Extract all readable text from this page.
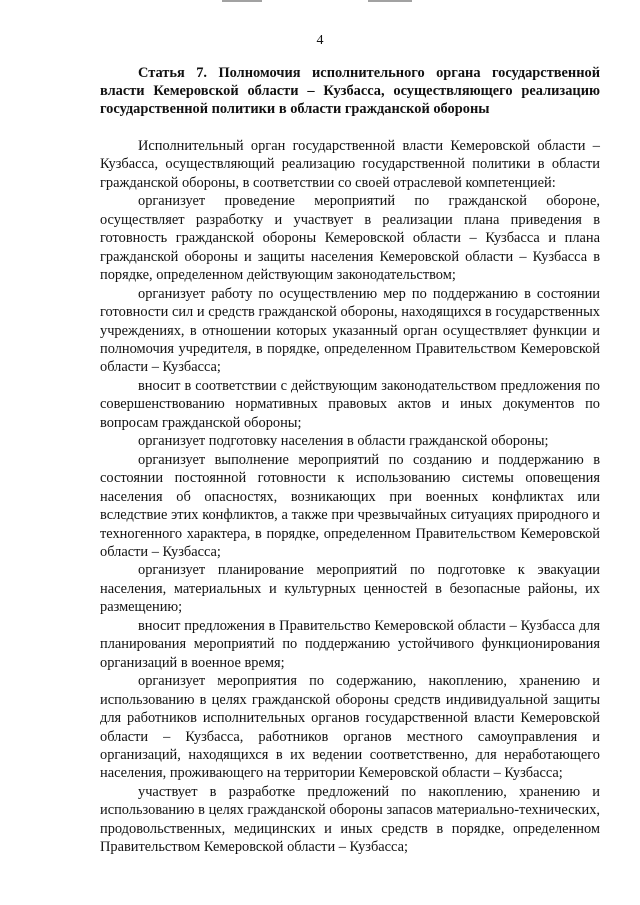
4
Статья 7. Полномочия исполнительного органа государственной власти Кемеровской области – Кузбасса, осуществляющего реализацию государственной политики в области гражданской обороны

Исполнительный орган государственной власти Кемеровской области – Кузбасса, осуществляющий реализацию государственной политики в области гражданской обороны, в соответствии со своей отраслевой компетенцией:

организует проведение мероприятий по гражданской обороне, осуществляет разработку и участвует в реализации плана приведения в готовность гражданской обороны Кемеровской области – Кузбасса и плана гражданской обороны и защиты населения Кемеровской области – Кузбасса в порядке, определенном действующим законодательством;

организует работу по осуществлению мер по поддержанию в состоянии готовности сил и средств гражданской обороны, находящихся в государственных учреждениях, в отношении которых указанный орган осуществляет функции и полномочия учредителя, в порядке, определенном Правительством Кемеровской области – Кузбасса;

вносит в соответствии с действующим законодательством предложения по совершенствованию нормативных правовых актов и иных документов по вопросам гражданской обороны;

организует подготовку населения в области гражданской обороны;

организует выполнение мероприятий по созданию и поддержанию в состоянии постоянной готовности к использованию системы оповещения населения об опасностях, возникающих при военных конфликтах или вследствие этих конфликтов, а также при чрезвычайных ситуациях природного и техногенного характера, в порядке, определенном Правительством Кемеровской области – Кузбасса;

организует планирование мероприятий по подготовке к эвакуации населения, материальных и культурных ценностей в безопасные районы, их размещению;

вносит предложения в Правительство Кемеровской области – Кузбасса для планирования мероприятий по поддержанию устойчивого функционирования организаций в военное время;

организует мероприятия по содержанию, накоплению, хранению и использованию в целях гражданской обороны средств индивидуальной защиты для работников исполнительных органов государственной власти Кемеровской области – Кузбасса, работников органов местного самоуправления и организаций, находящихся в их ведении соответственно, для неработающего населения, проживающего на территории Кемеровской области – Кузбасса;

участвует в разработке предложений по накоплению, хранению и использованию в целях гражданской обороны запасов материально-технических, продовольственных, медицинских и иных средств в порядке, определенном Правительством Кемеровской области – Кузбасса;
